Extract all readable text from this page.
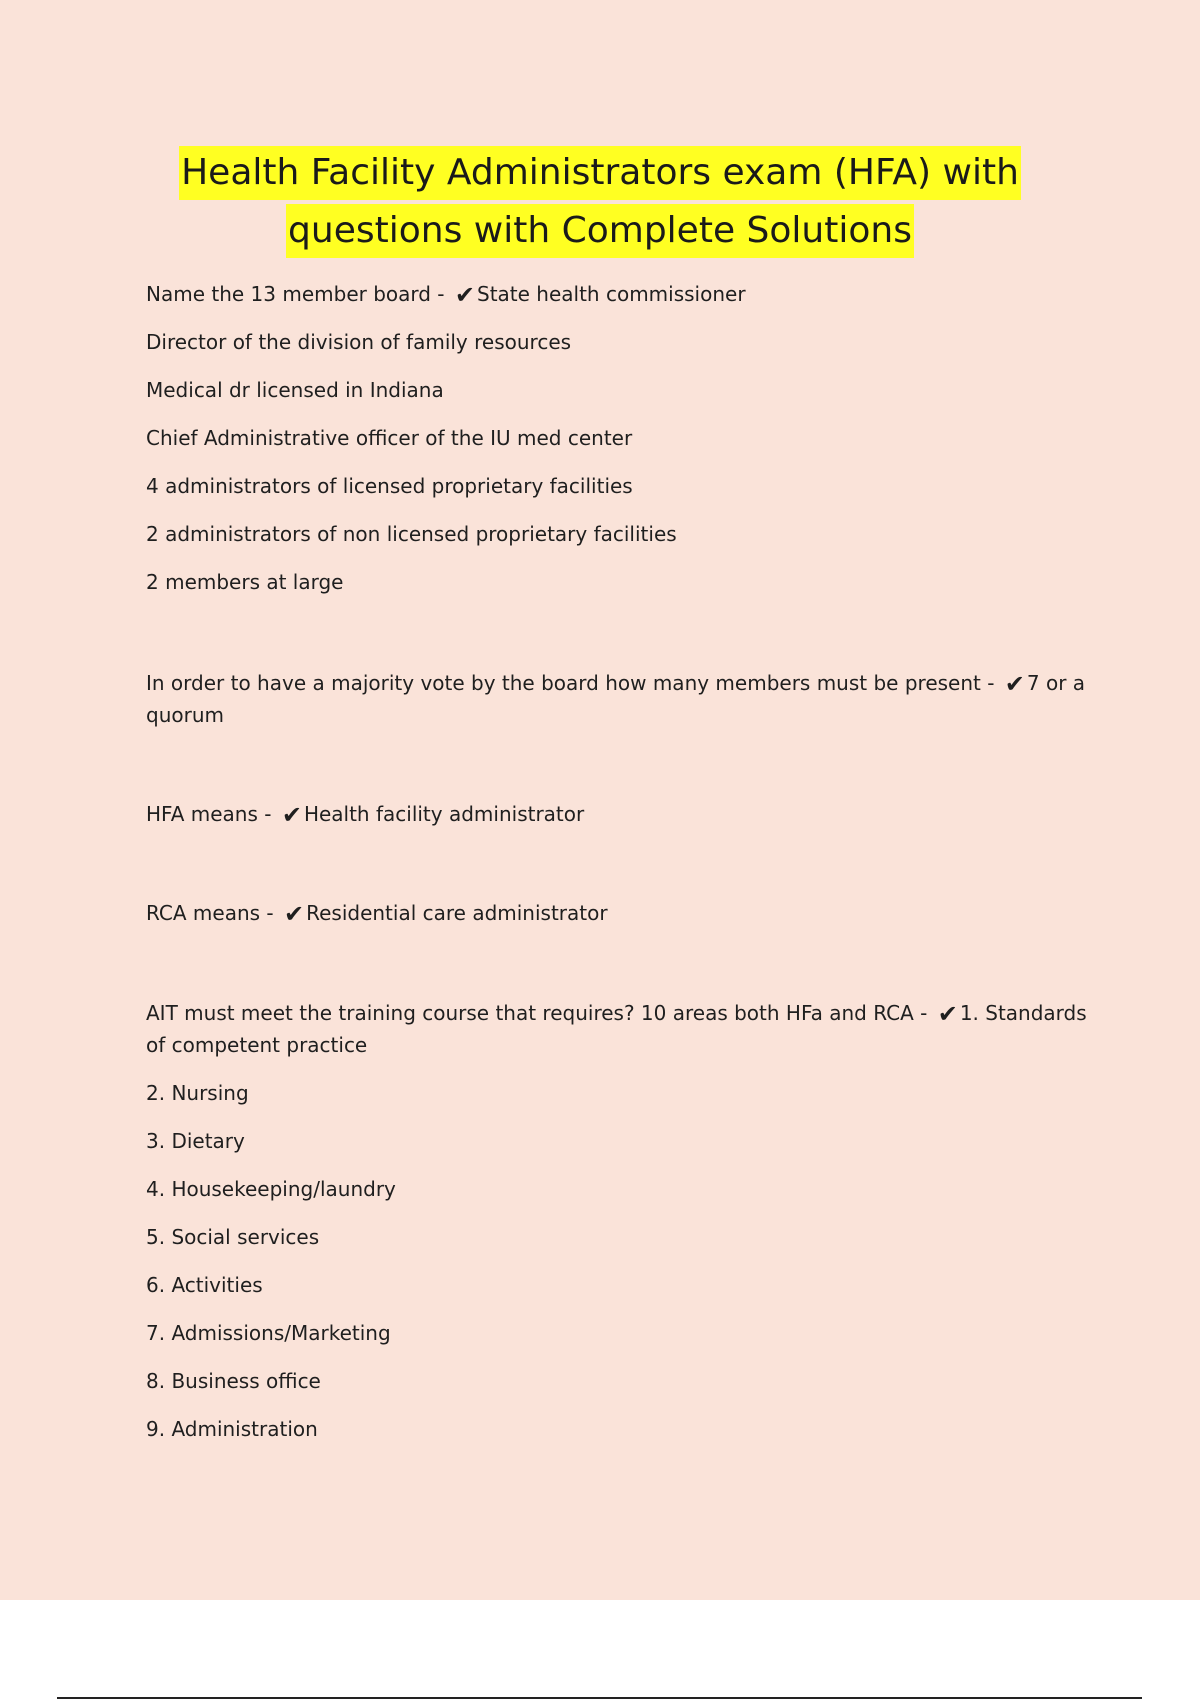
Health Facility Administrators exam (HFA) with
questions with Complete Solutions

Name the 13 member board - ✔ State health commissioner

Director of the division of family resources

Medical dr licensed in Indiana

Chief Administrative officer of the IU med center

4 administrators of licensed proprietary facilities

2 administrators of non licensed proprietary facilities

2 members at large

In order to have a majority vote by the board how many members must be present - ✔ 7 or a

quorum

HFA means - ✔ Health facility administrator

RCA means - ✔ Residential care administrator

AIT must meet the training course that requires? 10 areas both HFa and RCA - ✔ 1. Standards

of competent practice

2. Nursing

3. Dietary

4. Housekeeping/laundry

5. Social services

6. Activities

7. Admissions/Marketing

8. Business office

9. Administration
